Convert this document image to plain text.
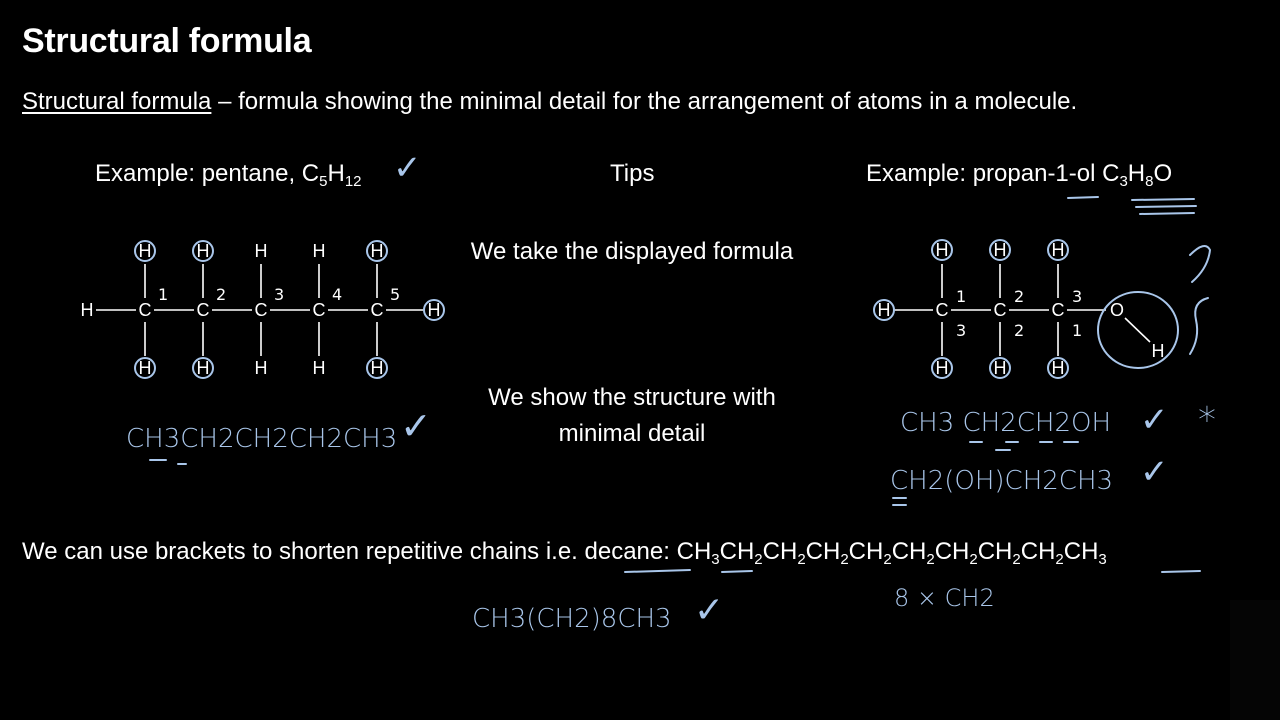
Structural formula
Structural formula – formula showing the minimal detail for the arrangement of atoms in a molecule.
Example: pentane, $C_5H_{12}$	Tips	Example: propan-1-ol $C_3H_8O$
We take the displayed formula
We show the structure with minimal detail
C
H
H
1
C
H
H
2
C
H
H
3
C
H
H
4
C
H
H
5
H	H	C
H
H
1
3
C
H
H
2
2
C
H
H
3
1
H	O
H
CH3CH2CH2CH2CH3 ✓
✓
CH3 CH2CH2OH ✓ *
CH2(OH)CH2CH3 ✓
We can use brackets to shorten repetitive chains i.e. decane: $CH_3CH_2CH_2CH_2CH_2CH_2CH_2CH_2CH_2CH_3$
CH3(CH2)8CH3 ✓	8 × CH2
